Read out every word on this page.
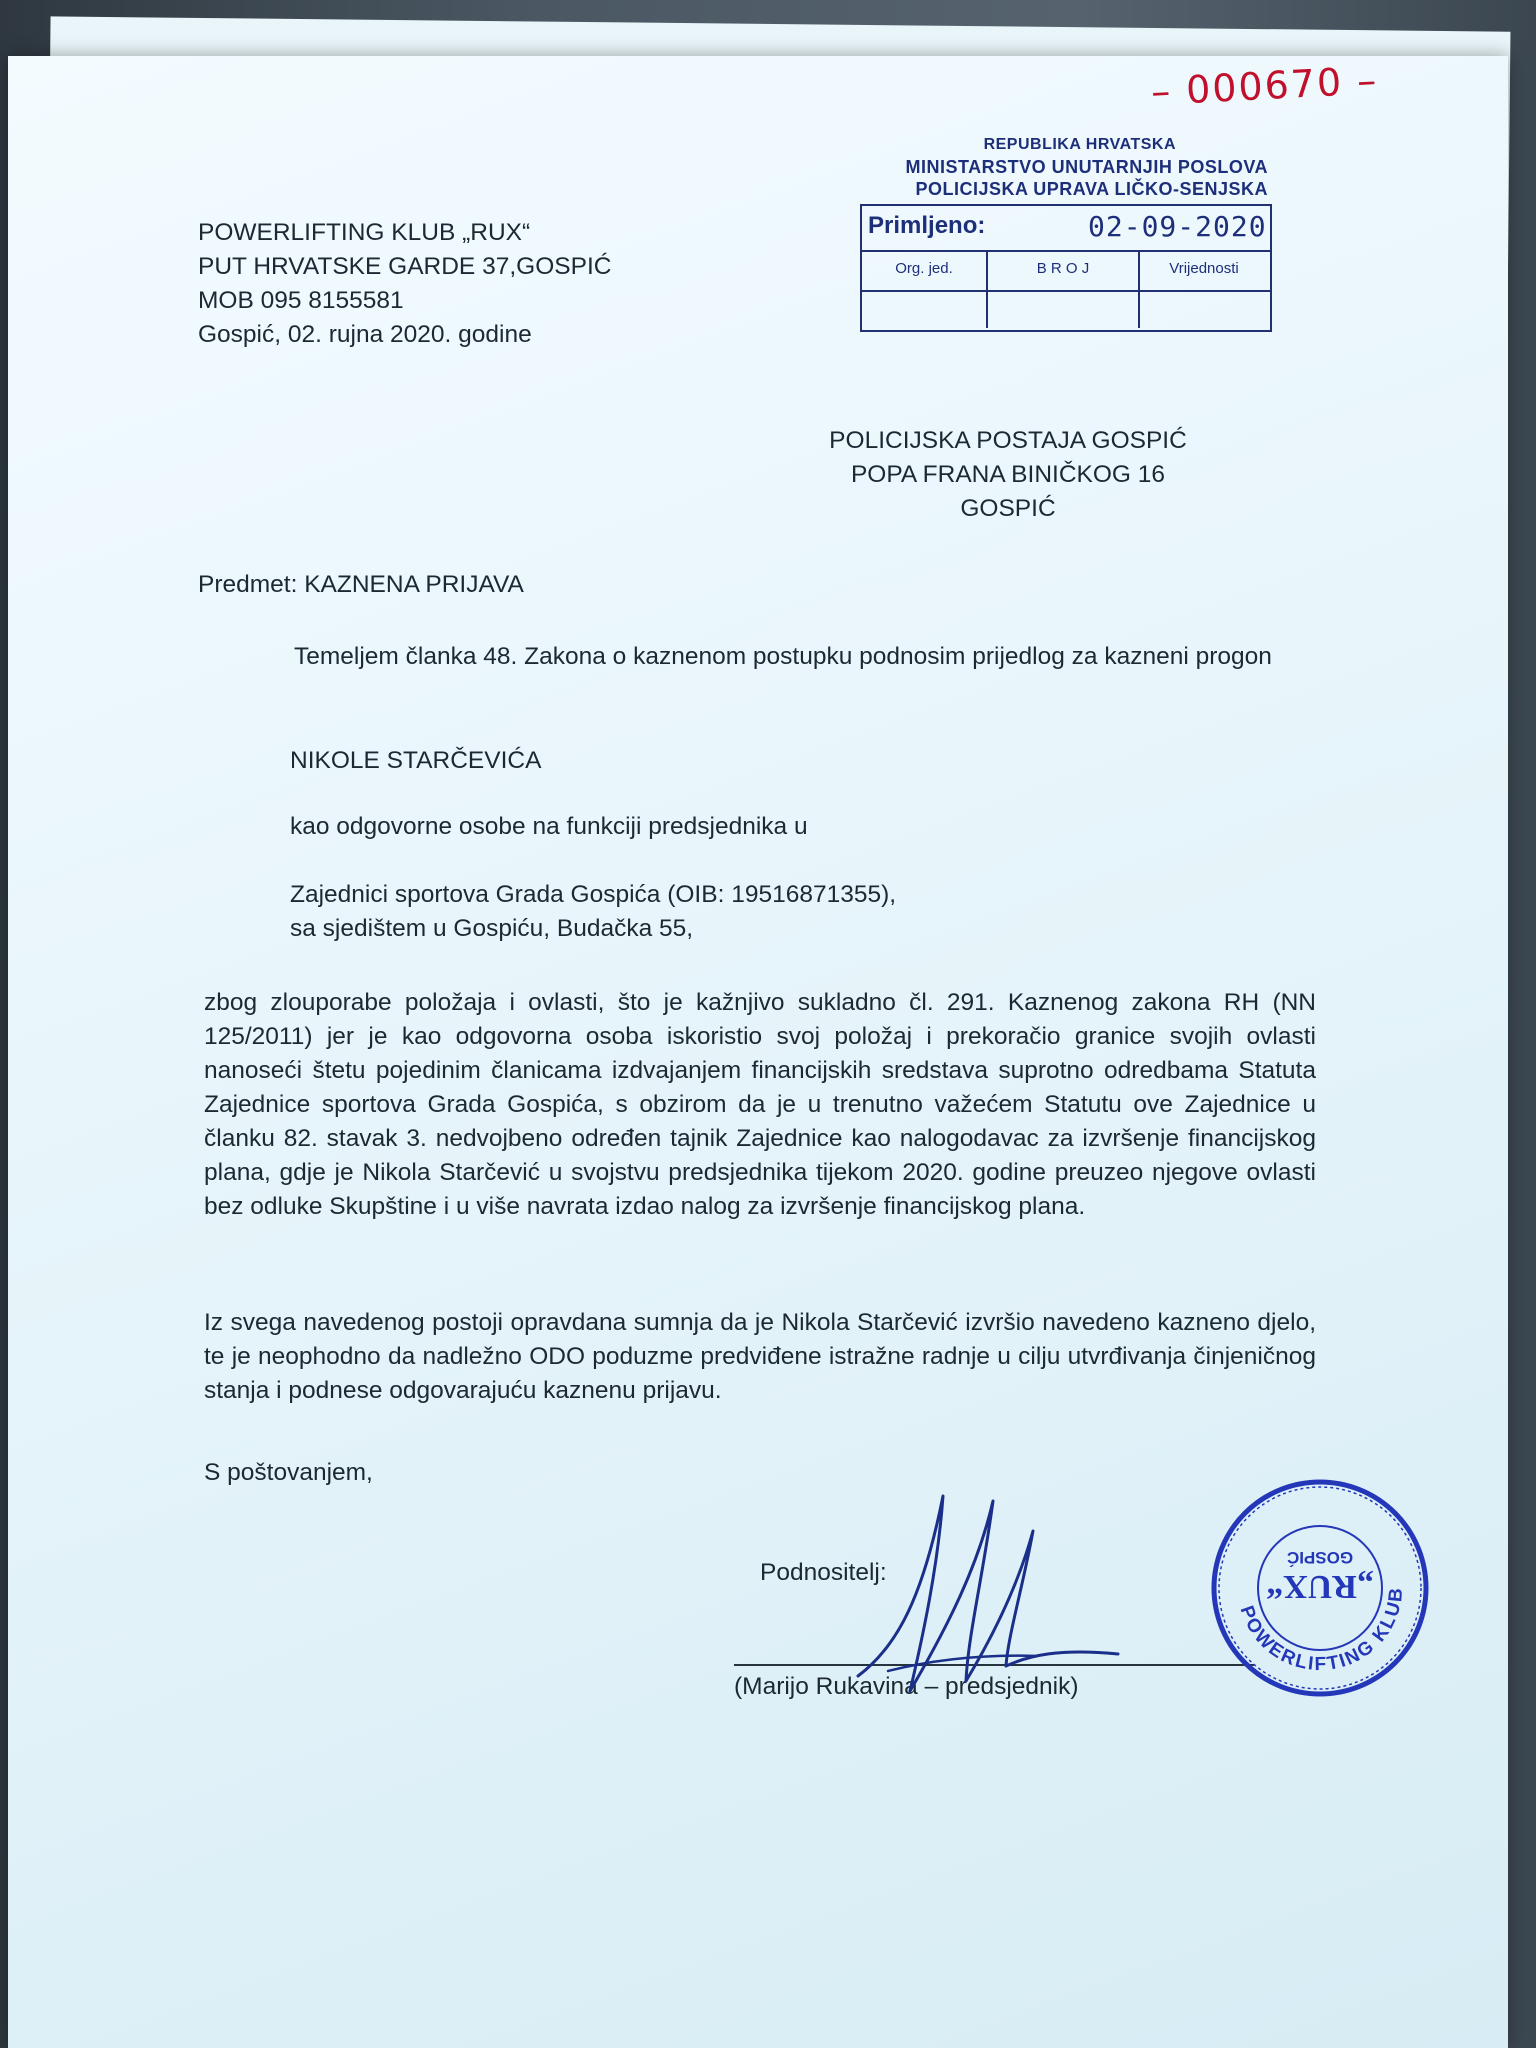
– 000670 –
REPUBLIKA HRVATSKA
MINISTARSTVO UNUTARNJIH POSLOVA
POLICIJSKA UPRAVA LIČKO-SENJSKA
Primljeno:	02-09-2020
Org. jed.	B R O J	Vrijednosti
POWERLIFTING KLUB „RUX“
PUT HRVATSKE GARDE 37,GOSPIĆ
MOB 095 8155581
Gospić, 02. rujna 2020. godine
POLICIJSKA POSTAJA GOSPIĆ
POPA FRANA BINIČKOG 16
GOSPIĆ
Predmet: KAZNENA PRIJAVA
Temeljem članka 48. Zakona o kaznenom postupku podnosim prijedlog za kazneni progon
NIKOLE STARČEVIĆA
kao odgovorne osobe na funkciji predsjednika u
Zajednici sportova Grada Gospića (OIB: 19516871355),
sa sjedištem u Gospiću, Budačka 55,
zbog zlouporabe položaja i ovlasti, što je kažnjivo sukladno čl. 291. Kaznenog zakona RH (NN 125/2011) jer je kao odgovorna osoba iskoristio svoj položaj i prekoračio granice svojih ovlasti nanoseći štetu pojedinim članicama izdvajanjem financijskih sredstava suprotno odredbama Statuta Zajednice sportova Grada Gospića, s obzirom da je u trenutno važećem Statutu ove Zajednice u članku 82. stavak 3. nedvojbeno određen tajnik Zajednice kao nalogodavac za izvršenje financijskog plana, gdje je Nikola Starčević u svojstvu predsjednika tijekom 2020. godine preuzeo njegove ovlasti bez odluke Skupštine i u više navrata izdao nalog za izvršenje financijskog plana.
Iz svega navedenog postoji opravdana sumnja da je Nikola Starčević izvršio navedeno kazneno djelo, te je neophodno da nadležno ODO poduzme predviđene istražne radnje u cilju utvrđivanja činjeničnog stanja i podnese odgovarajuću kaznenu prijavu.
S poštovanjem,
Podnositelj:
(Marijo Rukavina – predsjednik)
POWERLIFTING KLUB
GOSPIĆ
„RUX“
